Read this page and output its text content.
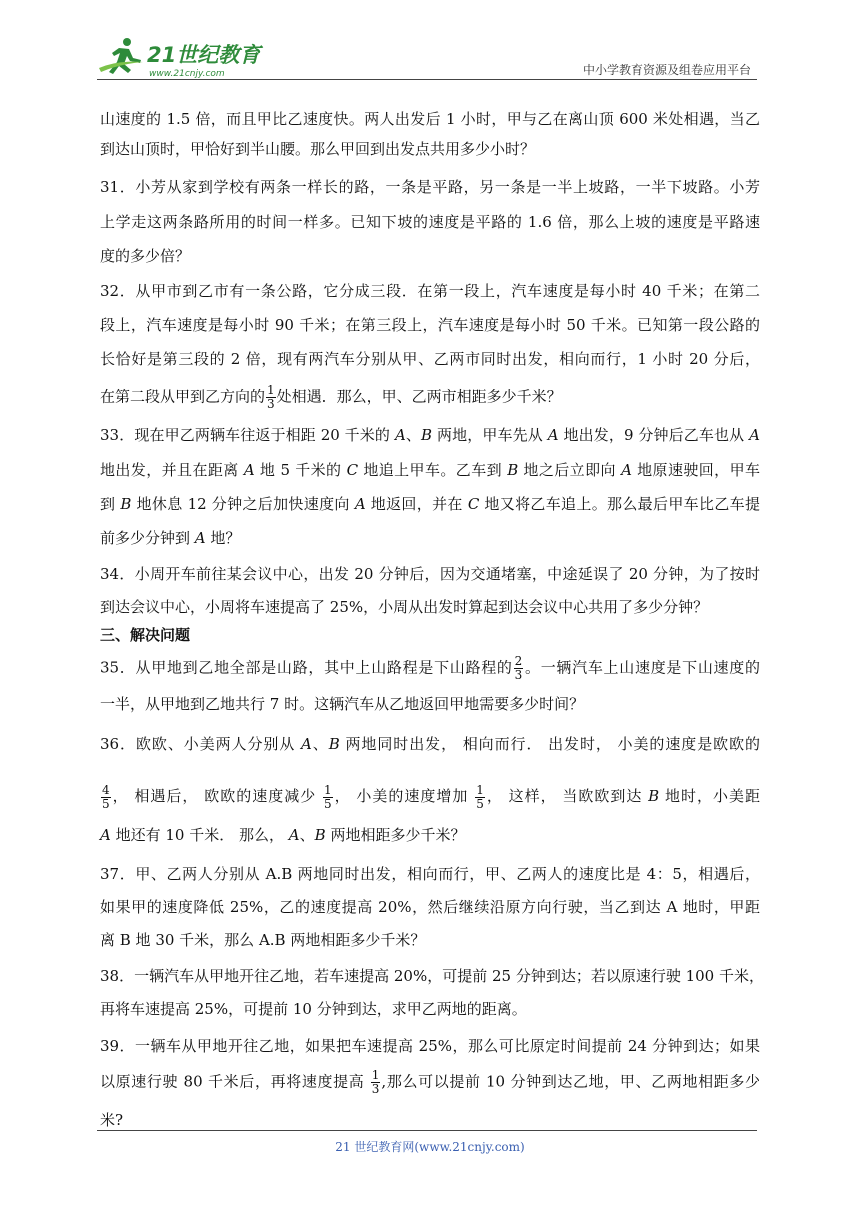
21世纪教育
www.21cnjy.com	中小学教育资源及组卷应用平台
山速度的 1.5 倍，而且甲比乙速度快。两人出发后 1 小时，甲与乙在离山顶 600 米处相遇，当乙
到达山顶时，甲恰好到半山腰。那么甲回到出发点共用多少小时？
31．小芳从家到学校有两条一样长的路，一条是平路，另一条是一半上坡路，一半下坡路。小芳
上学走这两条路所用的时间一样多。已知下坡的速度是平路的 1.6 倍，那么上坡的速度是平路速
度的多少倍？
32．从甲市到乙市有一条公路，它分成三段．在第一段上，汽车速度是每小时 40 千米；在第二
段上，汽车速度是每小时 90 千米；在第三段上，汽车速度是每小时 50 千米。已知第一段公路的
长恰好是第三段的 2 倍，现有两汽车分别从甲、乙两市同时出发，相向而行，1 小时 20 分后，
在第二段从甲到乙方向的 $\frac{1}{3}$ 处相遇．那么，甲、乙两市相距多少千米？
33．现在甲乙两辆车往返于相距 20 千米的 A、B 两地，甲车先从 A 地出发，9 分钟后乙车也从 A
地出发，并且在距离 A 地 5 千米的 C 地追上甲车。乙车到 B 地之后立即向 A 地原速驶回，甲车
到 B 地休息 12 分钟之后加快速度向 A 地返回，并在 C 地又将乙车追上。那么最后甲车比乙车提
前多少分钟到 A 地？
34．小周开车前往某会议中心，出发 20 分钟后，因为交通堵塞，中途延误了 20 分钟，为了按时
到达会议中心，小周将车速提高了 25%，小周从出发时算起到达会议中心共用了多少分钟？
三、解决问题
35．从甲地到乙地全部是山路，其中上山路程是下山路程的 $\frac{2}{3}$ 。一辆汽车上山速度是下山速度的
一半，从甲地到乙地共行 7 时。这辆汽车从乙地返回甲地需要多少时间？
36．欧欧、小美两人分别从 A、B 两地同时出发， 相向而行． 出发时， 小美的速度是欧欧的
$\frac{4}{5}$ ， 相遇后， 欧欧的速度减少 $\frac{1}{5}$ ， 小美的速度增加 $\frac{1}{5}$ ， 这样， 当欧欧到达 B 地时，小美距
A 地还有 10 千米． 那么， A、B 两地相距多少千米？
37．甲、乙两人分别从 A.B 两地同时出发，相向而行，甲、乙两人的速度比是 4：5，相遇后，
如果甲的速度降低 25%，乙的速度提高 20%，然后继续沿原方向行驶，当乙到达 A 地时，甲距
离 B 地 30 千米，那么 A.B 两地相距多少千米？
38．一辆汽车从甲地开往乙地，若车速提高 20%，可提前 25 分钟到达；若以原速行驶 100 千米，
再将车速提高 25%，可提前 10 分钟到达，求甲乙两地的距离。
39．一辆车从甲地开往乙地，如果把车速提高 25%，那么可比原定时间提前 24 分钟到达；如果
以原速行驶 80 千米后，再将速度提高 $\frac{1}{3}$ ,那么可以提前 10 分钟到达乙地，甲、乙两地相距多少
米?
21 世纪教育网(www.21cnjy.com)
